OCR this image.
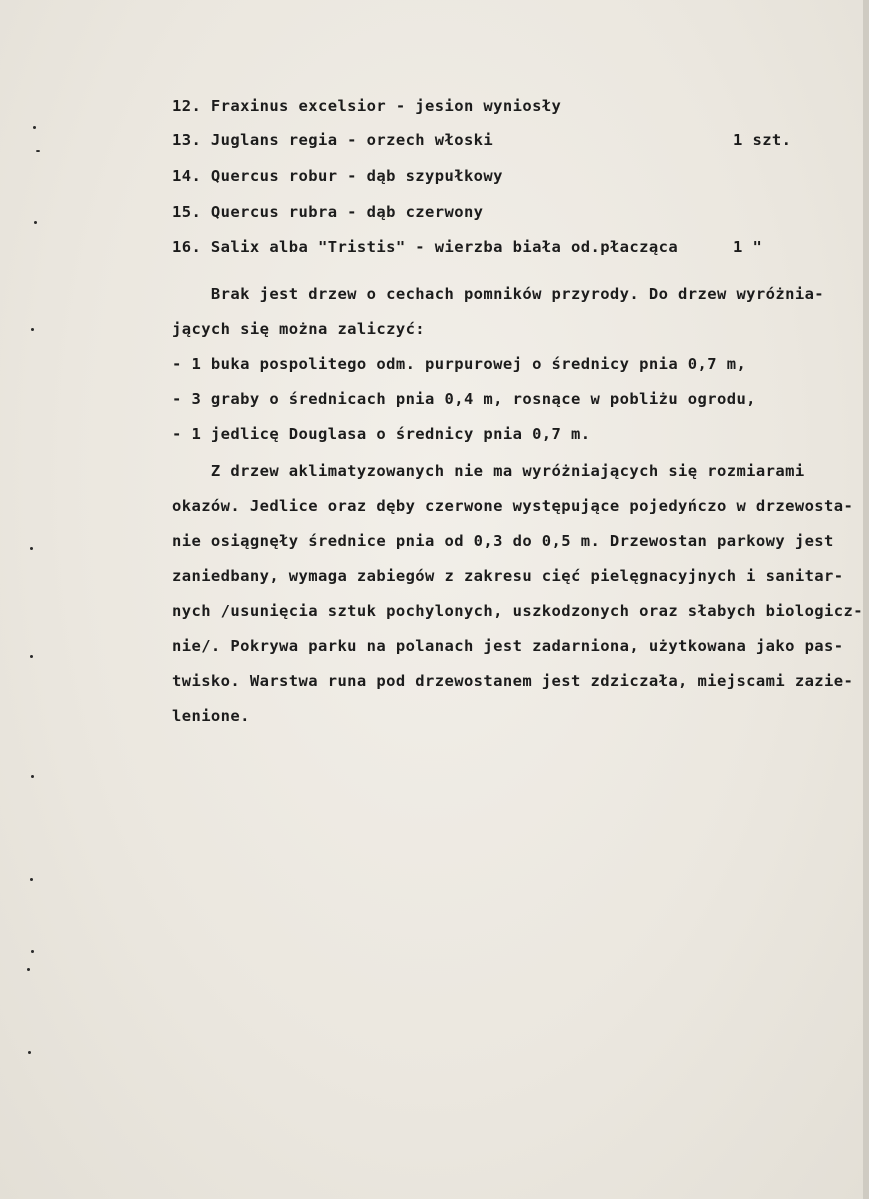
12. Fraxinus excelsior - jesion wyniosły

13. Juglans regia - orzech włoski

	1 szt.

14. Quercus robur - dąb szypułkowy

15. Quercus rubra - dąb czerwony

16. Salix alba "Tristis" - wierzba biała od.płacząca

	1 "

Brak jest drzew o cechach pomników przyrody. Do drzew wyróżnia-

jących się można zaliczyć:

- 1 buka pospolitego odm. purpurowej o średnicy pnia 0,7 m,

- 3 graby o średnicach pnia 0,4 m, rosnące w pobliżu ogrodu,

- 1 jedlicę Douglasa o średnicy pnia 0,7 m.

Z drzew aklimatyzowanych nie ma wyróżniających się rozmiarami

okazów. Jedlice oraz dęby czerwone występujące pojedyńczo w drzewosta-

nie osiągnęły średnice pnia od 0,3 do 0,5 m. Drzewostan parkowy jest

zaniedbany, wymaga zabiegów z zakresu cięć pielęgnacyjnych i sanitar-

nych /usunięcia sztuk pochylonych, uszkodzonych oraz słabych biologicz-

nie/. Pokrywa parku na polanach jest zadarniona, użytkowana jako pas-

twisko. Warstwa runa pod drzewostanem jest zdziczała, miejscami zazie-

lenione.
